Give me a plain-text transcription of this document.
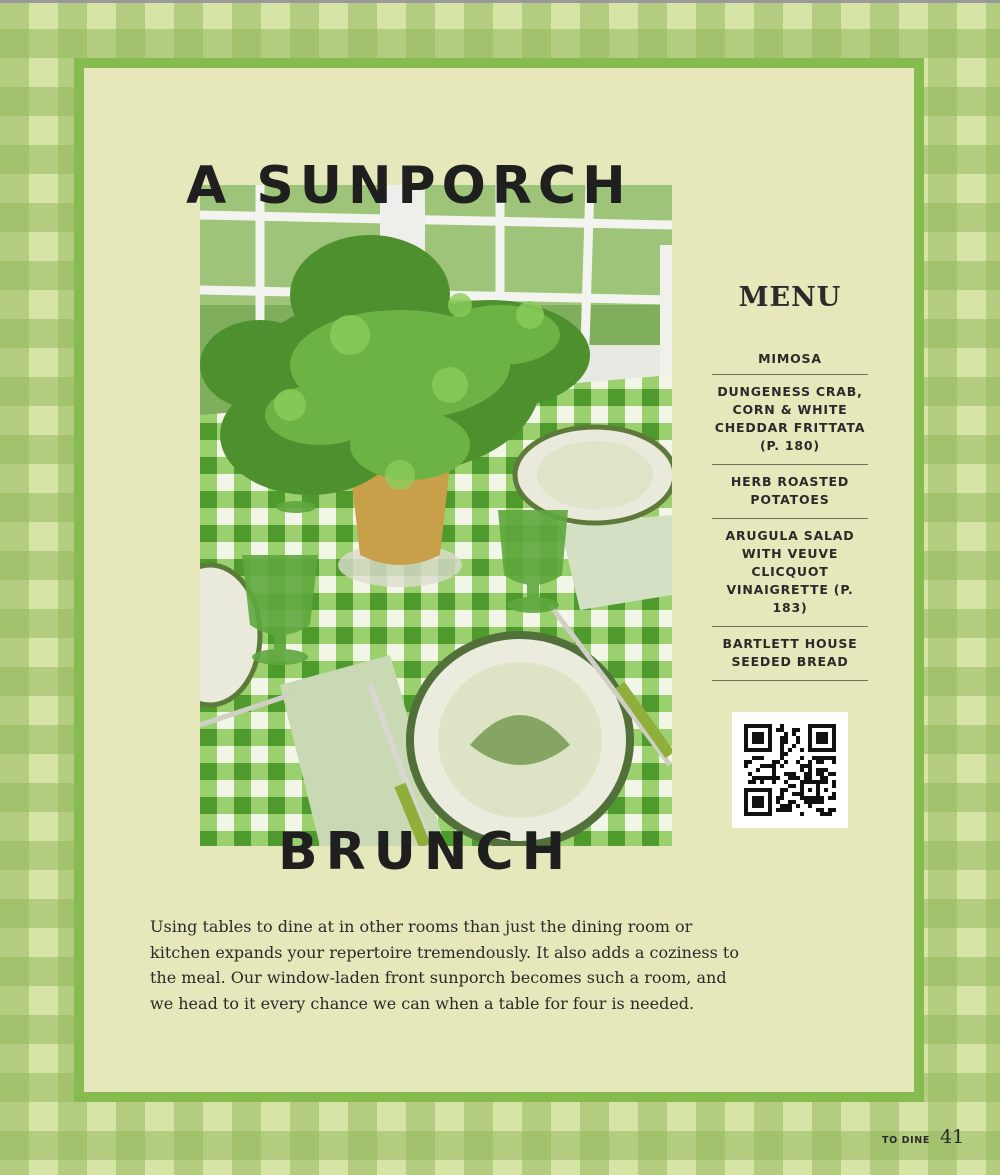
A SUNPORCH
BRUNCH
MENU
MIMOSA
DUNGENESS CRAB, CORN & WHITE CHEDDAR FRITTATA (P. 180)
HERB ROASTED POTATOES
ARUGULA SALAD WITH VEUVE CLICQUOT VINAIGRETTE (P. 183)
BARTLETT HOUSE SEEDED BREAD

Using tables to dine at in other rooms than just the dining room or kitchen expands your repertoire tremendously. It also adds a coziness to the meal. Our window-laden front sunporch becomes such a room, and we head to it every chance we can when a table for four is needed.

TO DINE 41
